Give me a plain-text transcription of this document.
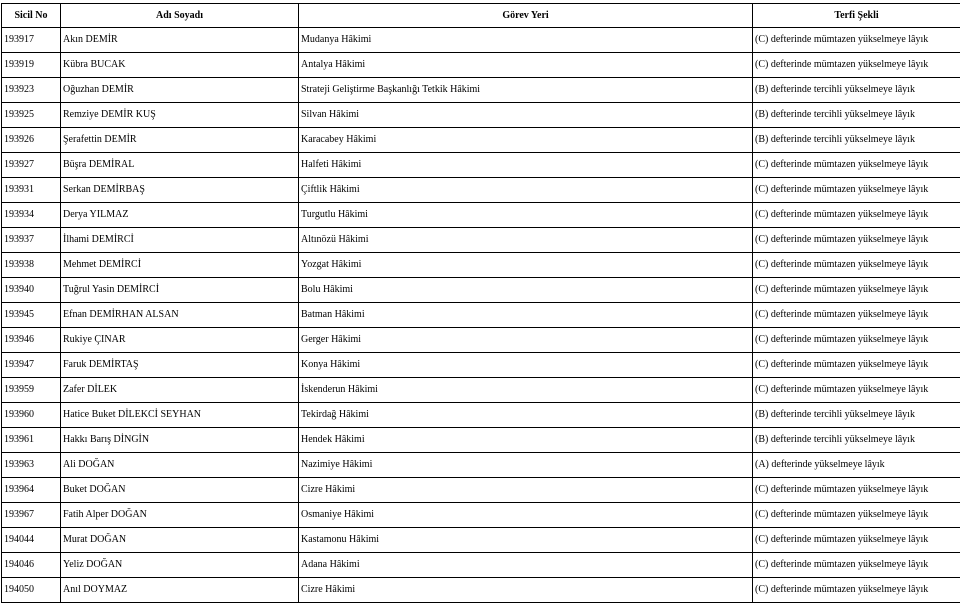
Sicil No	Adı Soyadı	Görev Yeri	Terfi Şekli
193917	Akın DEMİR	Mudanya Hâkimi	(C) defterinde mümtazen yükselmeye lâyık
193919	Kübra BUCAK	Antalya Hâkimi	(C) defterinde mümtazen yükselmeye lâyık
193923	Oğuzhan DEMİR	Strateji Geliştirme Başkanlığı Tetkik Hâkimi	(B) defterinde tercihli yükselmeye lâyık
193925	Remziye DEMİR KUŞ	Silvan Hâkimi	(B) defterinde tercihli yükselmeye lâyık
193926	Şerafettin DEMİR	Karacabey Hâkimi	(B) defterinde tercihli yükselmeye lâyık
193927	Büşra DEMİRAL	Halfeti Hâkimi	(C) defterinde mümtazen yükselmeye lâyık
193931	Serkan DEMİRBAŞ	Çiftlik Hâkimi	(C) defterinde mümtazen yükselmeye lâyık
193934	Derya YILMAZ	Turgutlu Hâkimi	(C) defterinde mümtazen yükselmeye lâyık
193937	İlhami DEMİRCİ	Altınözü Hâkimi	(C) defterinde mümtazen yükselmeye lâyık
193938	Mehmet DEMİRCİ	Yozgat Hâkimi	(C) defterinde mümtazen yükselmeye lâyık
193940	Tuğrul Yasin DEMİRCİ	Bolu Hâkimi	(C) defterinde mümtazen yükselmeye lâyık
193945	Efnan DEMİRHAN ALSAN	Batman Hâkimi	(C) defterinde mümtazen yükselmeye lâyık
193946	Rukiye ÇINAR	Gerger Hâkimi	(C) defterinde mümtazen yükselmeye lâyık
193947	Faruk DEMİRTAŞ	Konya Hâkimi	(C) defterinde mümtazen yükselmeye lâyık
193959	Zafer DİLEK	İskenderun Hâkimi	(C) defterinde mümtazen yükselmeye lâyık
193960	Hatice Buket DİLEKCİ SEYHAN	Tekirdağ Hâkimi	(B) defterinde tercihli yükselmeye lâyık
193961	Hakkı Barış DİNGİN	Hendek Hâkimi	(B) defterinde tercihli yükselmeye lâyık
193963	Ali DOĞAN	Nazimiye Hâkimi	(A) defterinde yükselmeye lâyık
193964	Buket DOĞAN	Cizre Hâkimi	(C) defterinde mümtazen yükselmeye lâyık
193967	Fatih Alper DOĞAN	Osmaniye Hâkimi	(C) defterinde mümtazen yükselmeye lâyık
194044	Murat DOĞAN	Kastamonu Hâkimi	(C) defterinde mümtazen yükselmeye lâyık
194046	Yeliz DOĞAN	Adana Hâkimi	(C) defterinde mümtazen yükselmeye lâyık
194050	Anıl DOYMAZ	Cizre Hâkimi	(C) defterinde mümtazen yükselmeye lâyık
